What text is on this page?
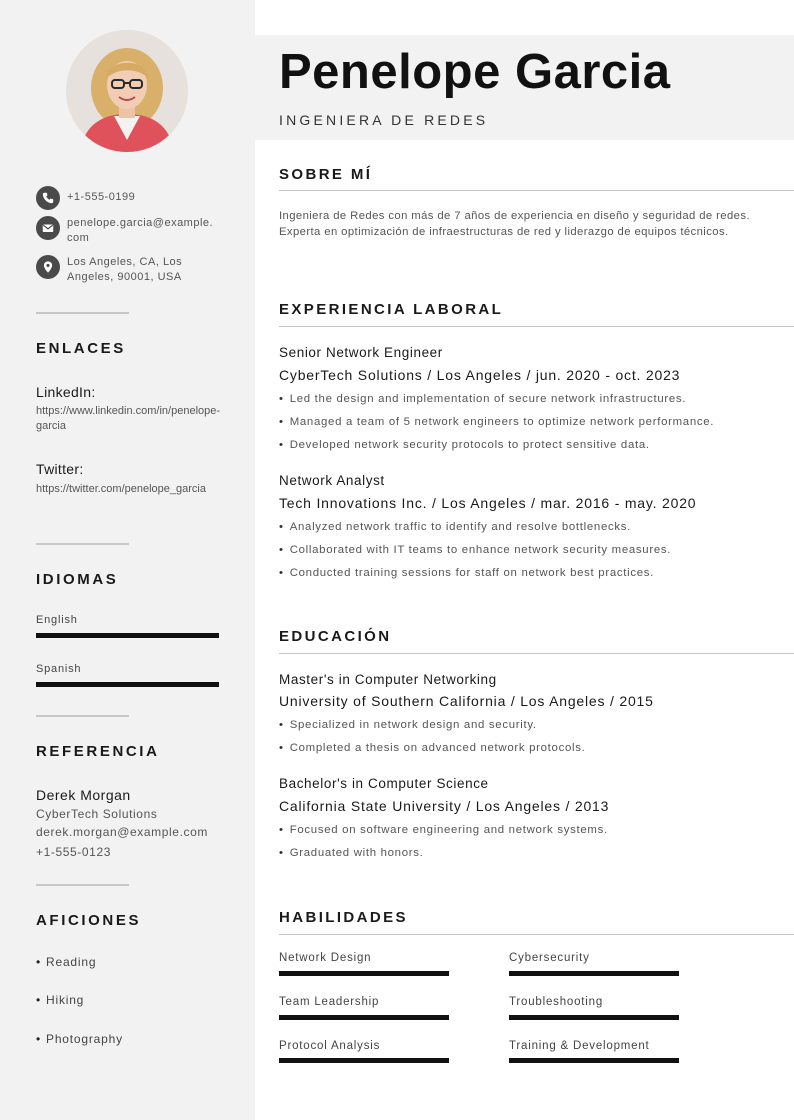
+1-555-0199
penelope.garcia@example.com
Los Angeles, CA, Los Angeles, 90001, USA
ENLACES
LinkedIn:
https://www.linkedin.com/in/penelope-garcia
Twitter:
https://twitter.com/penelope_garcia
IDIOMAS
English
Spanish
REFERENCIA
Derek Morgan
CyberTech Solutions
derek.morgan@example.com
+1-555-0123
AFICIONES
• Reading
• Hiking
• Photography
Penelope Garcia
INGENIERA DE REDES
SOBRE MÍ
Ingeniera de Redes con más de 7 años de experiencia en diseño y seguridad de redes. Experta en optimización de infraestructuras de red y liderazgo de equipos técnicos.
EXPERIENCIA LABORAL
Senior Network Engineer
CyberTech Solutions / Los Angeles / jun. 2020 - oct. 2023
• Led the design and implementation of secure network infrastructures.
• Managed a team of 5 network engineers to optimize network performance.
• Developed network security protocols to protect sensitive data.
Network Analyst
Tech Innovations Inc. / Los Angeles / mar. 2016 - may. 2020
• Analyzed network traffic to identify and resolve bottlenecks.
• Collaborated with IT teams to enhance network security measures.
• Conducted training sessions for staff on network best practices.
EDUCACIÓN
Master's in Computer Networking
University of Southern California / Los Angeles / 2015
• Specialized in network design and security.
• Completed a thesis on advanced network protocols.
Bachelor's in Computer Science
California State University / Los Angeles / 2013
• Focused on software engineering and network systems.
• Graduated with honors.
HABILIDADES
Network Design	Cybersecurity
Team Leadership	Troubleshooting
Protocol Analysis	Training & Development
